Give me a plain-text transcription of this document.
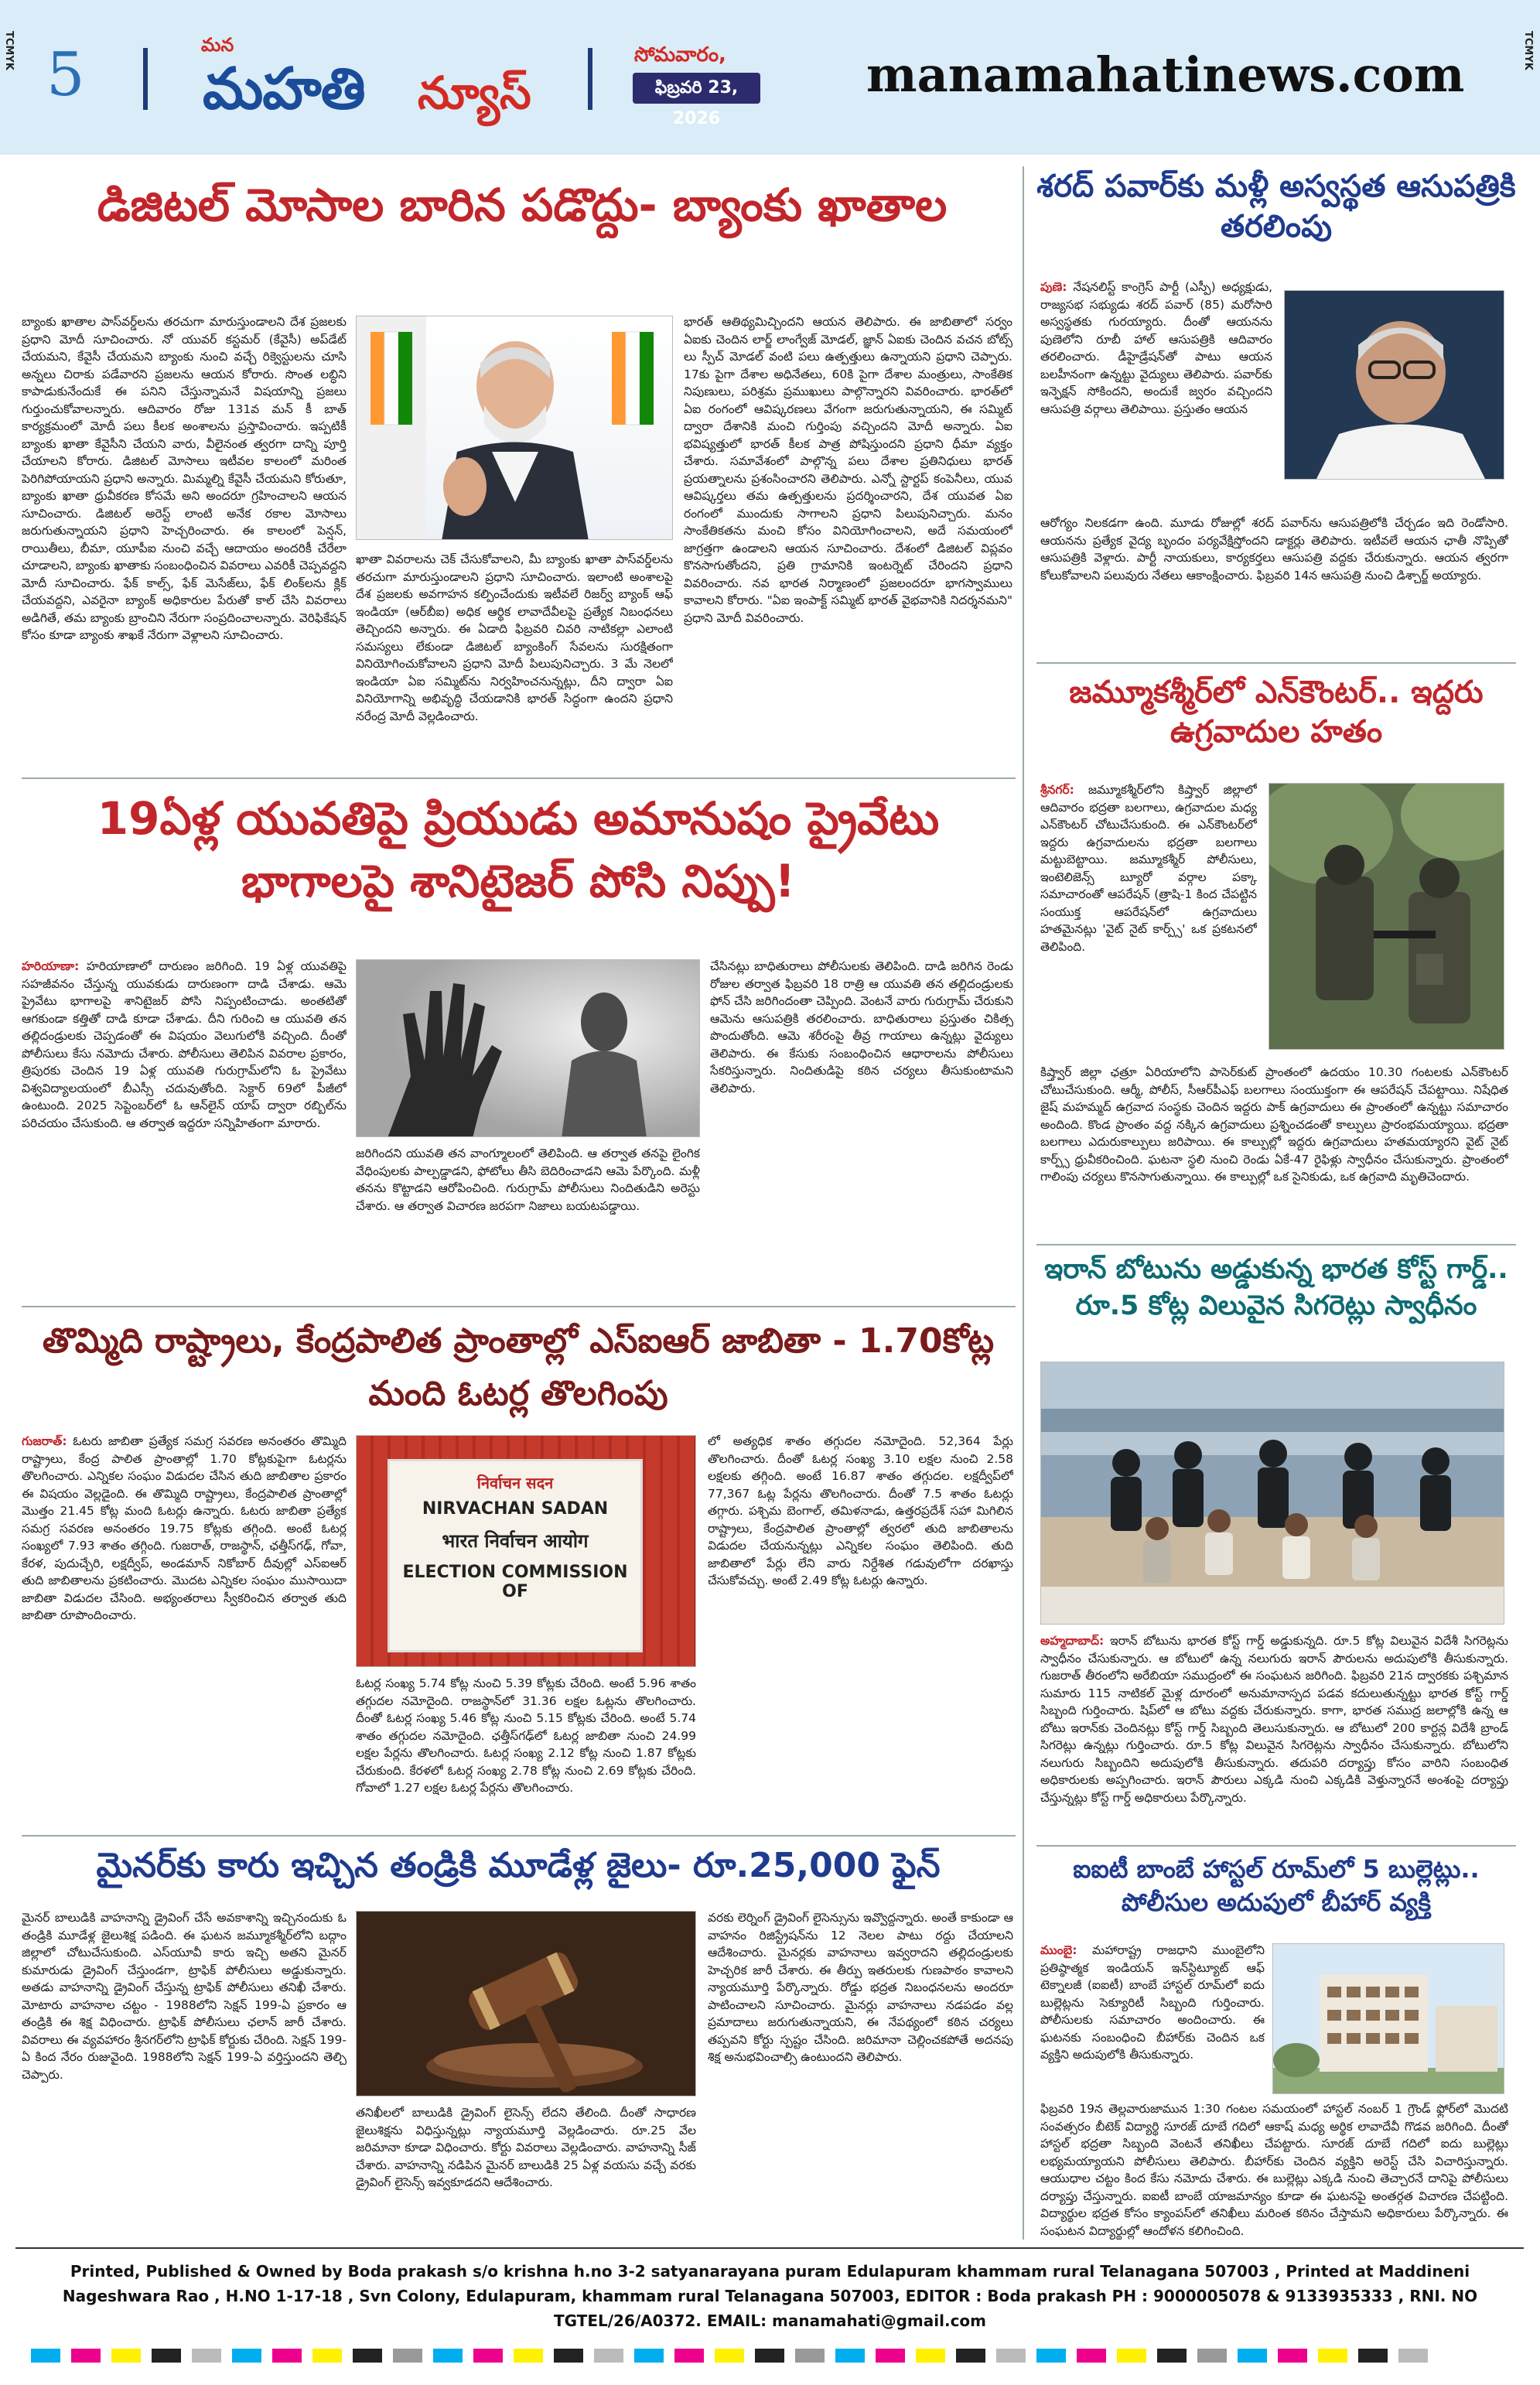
TCMYK	TCMYK
5	మన
మహతి న్యూస్
సోమవారం,
ఫిబ్రవరి 23, 2026
manamahatinews.com
డిజిటల్ మోసాల బారిన పడొద్దు- బ్యాంకు ఖాతాల
బ్యాంకు ఖాతాల పాస్‌వర్డ్‌లను తరచుగా మారుస్తుండాలని దేశ ప్రజలకు ప్రధాని మోదీ సూచించారు. నో యువర్ కస్టమర్ (కేవైసీ) అప్‌డేట్ చేయమని, కేవైసీ చేయమని బ్యాంకు నుంచి వచ్చే రిక్వెస్టులను చూసి అన్నలు చిరాకు పడేవారని ప్రజలను ఆయన కోరారు. సొంత లబ్ధిని కాపాడుకునేందుకే ఈ పనిని చేస్తున్నామనే విషయాన్ని ప్రజలు గుర్తుంచుకోవాలన్నారు. ఆదివారం రోజు 131వ మన్ కీ బాత్ కార్యక్రమంలో మోదీ పలు కీలక అంశాలను ప్రస్తావించారు. ఇప్పటికీ బ్యాంకు ఖాతా కేవైసీని చేయని వారు, వీలైనంత త్వరగా దాన్ని పూర్తి చేయాలని కోరారు. డిజిటల్ మోసాలు ఇటీవల కాలంలో మరింత పెరిగిపోయాయని ప్రధాని అన్నారు. మిమ్మల్ని కేవైసీ చేయమని కోరుతూ, బ్యాంకు ఖాతా ధ్రువీకరణ కోసమే అని అందరూ గ్రహించాలని ఆయన సూచించారు. డిజిటల్ అరెస్ట్ లాంటి అనేక రకాల మోసాలు జరుగుతున్నాయని ప్రధాని హెచ్చరించారు. ఈ కాలంలో పెన్షన్, రాయితీలు, బీమా, యూపీఐ నుంచి వచ్చే ఆదాయం అందరికీ చేరేలా చూడాలని, బ్యాంకు ఖాతాకు సంబంధించిన వివరాలు ఎవరికీ చెప్పవద్దని మోదీ సూచించారు. ఫేక్ కాల్స్, ఫేక్ మెసేజ్‌లు, ఫేక్ లింక్‌లను క్లిక్ చేయవద్దని, ఎవరైనా బ్యాంక్ అధికారుల పేరుతో కాల్ చేసి వివరాలు అడిగితే, తమ బ్యాంకు బ్రాంచిని నేరుగా సంప్రదించాలన్నారు. వెరిఫికేషన్ కోసం కూడా బ్యాంకు శాఖకే నేరుగా వెళ్లాలని సూచించారు.
ఖాతా వివరాలను చెక్ చేసుకోవాలని, మీ బ్యాంకు ఖాతా పాస్‌వర్డ్‌లను తరచుగా మారుస్తుండాలని ప్రధాని సూచించారు. ఇలాంటి అంశాలపై దేశ ప్రజలకు అవగాహన కల్పించేందుకు ఇటీవలే రిజర్వ్ బ్యాంక్ ఆఫ్ ఇండియా (ఆర్‌బీఐ) అధిక ఆర్థిక లావాదేవీలపై ప్రత్యేక నిబంధనలు తెచ్చిందని అన్నారు. ఈ ఏడాది ఫిబ్రవరి చివరి నాటికల్లా ఎలాంటి సమస్యలు లేకుండా డిజిటల్ బ్యాంకింగ్ సేవలను సురక్షితంగా వినియోగించుకోవాలని ప్రధాని మోదీ పిలుపునిచ్చారు. 3 మే నెలలో ఇండియా ఏఐ సమ్మిట్‌ను నిర్వహించనున్నట్లు, దీని ద్వారా ఏఐ వినియోగాన్ని అభివృద్ధి చేయడానికి భారత్ సిద్ధంగా ఉందని ప్రధాని నరేంద్ర మోదీ వెల్లడించారు.
భారత్ ఆతిథ్యమిచ్చిందని ఆయన తెలిపారు. ఈ జాబితాలో సర్వం ఏఐకు చెందిన లార్జ్ లాంగ్వేజ్ మోడల్, జ్ఞాన్ ఏఐకు చెందిన వచన బోట్స్ లు స్పీచ్ మోడల్ వంటి పలు ఉత్పత్తులు ఉన్నాయని ప్రధాని చెప్పారు. 17కు పైగా దేశాల అధినేతలు, 60కి పైగా దేశాల మంత్రులు, సాంకేతిక నిపుణులు, పరిశ్రమ ప్రముఖులు పాల్గొన్నారని వివరించారు. భారత్‌లో ఏఐ రంగంలో ఆవిష్కరణలు వేగంగా జరుగుతున్నాయని, ఈ సమ్మిట్ ద్వారా దేశానికి మంచి గుర్తింపు వచ్చిందని మోదీ అన్నారు. ఏఐ భవిష్యత్తులో భారత్ కీలక పాత్ర పోషిస్తుందని ప్రధాని ధీమా వ్యక్తం చేశారు. సమావేశంలో పాల్గొన్న పలు దేశాల ప్రతినిధులు భారత్ ప్రయత్నాలను ప్రశంసించారని తెలిపారు. ఎన్నో స్టార్టప్ కంపెనీలు, యువ ఆవిష్కర్తలు తమ ఉత్పత్తులను ప్రదర్శించారని, దేశ యువత ఏఐ రంగంలో ముందుకు సాగాలని ప్రధాని పిలుపునిచ్చారు. మనం సాంకేతికతను మంచి కోసం వినియోగించాలని, అదే సమయంలో జాగ్రత్తగా ఉండాలని ఆయన సూచించారు. దేశంలో డిజిటల్ విప్లవం కొనసాగుతోందని, ప్రతి గ్రామానికి ఇంటర్నెట్ చేరిందని ప్రధాని వివరించారు. నవ భారత నిర్మాణంలో ప్రజలందరూ భాగస్వాములు కావాలని కోరారు. "ఏఐ ఇంపాక్ట్ సమ్మిట్ భారత్ వైభవానికి నిదర్శనమని" ప్రధాని మోదీ వివరించారు.
శరద్ పవార్‌కు మళ్లీ అస్వస్థత ఆసుపత్రికి తరలింపు
పుణె: నేషనలిస్ట్ కాంగ్రెస్ పార్టీ (ఎస్పీ) అధ్యక్షుడు, రాజ్యసభ సభ్యుడు శరద్ పవార్ (85) మరోసారి అస్వస్థతకు గురయ్యారు. దీంతో ఆయనను పుణెలోని రూబీ హాల్ ఆసుపత్రికి ఆదివారం తరలించారు. డీహైడ్రేషన్‌తో పాటు ఆయన బలహీనంగా ఉన్నట్టు వైద్యులు తెలిపారు. పవార్‌కు ఇన్ఫెక్షన్ సోకిందని, అందుకే జ్వరం వచ్చిందని ఆసుపత్రి వర్గాలు తెలిపాయి. ప్రస్తుతం ఆయన
ఆరోగ్యం నిలకడగా ఉంది. మూడు రోజుల్లో శరద్ పవార్‌ను ఆసుపత్రిలోకి చేర్చడం ఇది రెండోసారి. ఆయనను ప్రత్యేక వైద్య బృందం పర్యవేక్షిస్తోందని డాక్టర్లు తెలిపారు. ఇటీవలే ఆయన ఛాతీ నొప్పితో ఆసుపత్రికి వెళ్లారు. పార్టీ నాయకులు, కార్యకర్తలు ఆసుపత్రి వద్దకు చేరుకున్నారు. ఆయన త్వరగా కోలుకోవాలని పలువురు నేతలు ఆకాంక్షించారు. ఫిబ్రవరి 14న ఆసుపత్రి నుంచి డిశ్చార్జ్ అయ్యారు.
జమ్మూకశ్మీర్‌లో ఎన్‌కౌంటర్.. ఇద్దరు ఉగ్రవాదుల హతం
శ్రీనగర్: జమ్మూకశ్మీర్‌లోని కిష్త్వార్ జిల్లాలో ఆదివారం భద్రతా బలగాలు, ఉగ్రవాదుల మధ్య ఎన్‌కౌంటర్ చోటుచేసుకుంది. ఈ ఎన్‌కౌంటర్‌లో ఇద్దరు ఉగ్రవాదులను భద్రతా బలగాలు మట్టుబెట్టాయి. జమ్మూకశ్మీర్ పోలీసులు, ఇంటెలిజెన్స్ బ్యూరో వర్గాల పక్కా సమాచారంతో ఆపరేషన్ (త్రాషి-1 కింద చేపట్టిన సంయుక్త ఆపరేషన్‌లో ఉగ్రవాదులు హతమైనట్లు 'వైట్ నైట్ కార్ప్స్' ఒక ప్రకటనలో తెలిపింది.
కిష్త్వార్ జిల్లా ఛత్రూ ఏరియాలోని పాసెర్‌కుట్ ప్రాంతంలో ఉదయం 10.30 గంటలకు ఎన్‌కౌంటర్ చోటుచేసుకుంది. ఆర్మీ, పోలీస్, సీఆర్‌పీఎఫ్ బలగాలు సంయుక్తంగా ఈ ఆపరేషన్ చేపట్టాయి. నిషేధిత జైష్ మహమ్మద్ ఉగ్రవాద సంస్థకు చెందిన ఇద్దరు పాక్ ఉగ్రవాదులు ఈ ప్రాంతంలో ఉన్నట్టు సమాచారం అందింది. కొండ ప్రాంతం వద్ద నక్కిన ఉగ్రవాదులు ప్రశ్నించడంతో కాల్పులు ప్రారంభమయ్యాయి. భద్రతా బలగాలు ఎదురుకాల్పులు జరిపాయి. ఈ కాల్పుల్లో ఇద్దరు ఉగ్రవాదులు హతమయ్యారని వైట్ నైట్ కార్ప్స్ ధ్రువీకరించింది. ఘటనా స్థలి నుంచి రెండు ఏకే-47 రైఫిళ్లు స్వాధీనం చేసుకున్నారు. ప్రాంతంలో గాలింపు చర్యలు కొనసాగుతున్నాయి. ఈ కాల్పుల్లో ఒక సైనికుడు, ఒక ఉగ్రవాది మృతిచెందారు.
ఇరాన్ బోటును అడ్డుకున్న భారత కోస్ట్ గార్డ్.. రూ.5 కోట్ల విలువైన సిగరెట్లు స్వాధీనం
అహ్మదాబాద్: ఇరాన్ బోటును భారత కోస్ట్ గార్డ్ అడ్డుకున్నది. రూ.5 కోట్ల విలువైన విదేశీ సిగరెట్లను స్వాధీనం చేసుకున్నారు. ఆ బోటులో ఉన్న నలుగురు ఇరాన్ పౌరులను అదుపులోకి తీసుకున్నారు. గుజరాత్ తీరంలోని అరేబియా సముద్రంలో ఈ సంఘటన జరిగింది. ఫిబ్రవరి 21న ద్వారకకు పశ్చిమాన సుమారు 115 నాటికల్ మైళ్ల దూరంలో అనుమానాస్పద పడవ కదులుతున్నట్టు భారత కోస్ట్ గార్డ్ సిబ్బంది గుర్తించారు. షిప్‌లో ఆ బోటు వద్దకు చేరుకున్నారు. కాగా, భారత సముద్ర జలాల్లోకి ఉన్న ఆ బోటు ఇరాన్‌కు చెందినట్లు కోస్ట్ గార్డ్ సిబ్బంది తెలుసుకున్నారు. ఆ బోటులో 200 కార్టన్ల విదేశీ బ్రాండ్ సిగరెట్లు ఉన్నట్లు గుర్తించారు. రూ.5 కోట్ల విలువైన సిగరెట్లను స్వాధీనం చేసుకున్నారు. బోటులోని నలుగురు సిబ్బందిని అదుపులోకి తీసుకున్నారు. తదుపరి దర్యాప్తు కోసం వారిని సంబంధిత అధికారులకు అప్పగించారు. ఇరాన్ పౌరులు ఎక్కడి నుంచి ఎక్కడికి వెళ్తున్నారనే అంశంపై దర్యాప్తు చేస్తున్నట్లు కోస్ట్ గార్డ్ అధికారులు పేర్కొన్నారు.
ఐఐటీ బాంబే హాస్టల్ రూమ్‌లో 5 బుల్లెట్లు.. పోలీసుల అదుపులో బీహార్ వ్యక్తి
ముంబై: మహారాష్ట్ర రాజధాని ముంబైలోని ప్రతిష్ఠాత్మక ఇండియన్ ఇన్‌స్టిట్యూట్ ఆఫ్ టెక్నాలజీ (ఐఐటీ) బాంబే హాస్టల్ రూమ్‌లో ఐదు బుల్లెట్లను సెక్యూరిటీ సిబ్బంది గుర్తించారు. పోలీసులకు సమాచారం అందించారు. ఈ ఘటనకు సంబంధించి బీహార్‌కు చెందిన ఒక వ్యక్తిని అదుపులోకి తీసుకున్నారు.
ఫిబ్రవరి 19న తెల్లవారుజామున 1:30 గంటల సమయంలో హాస్టల్ నంబర్ 1 గ్రౌండ్ ఫ్లోర్‌లో మొదటి సంవత్సరం బీటెక్ విద్యార్థి సూరజ్ దూబే గదిలో ఆకాష్ మధ్య అర్థిక లావాదేవీ గొడవ జరిగింది. దీంతో హాస్టల్ భద్రతా సిబ్బంది వెంటనే తనిఖీలు చేపట్టారు. సూరజ్ దూబే గదిలో ఐదు బుల్లెట్లు లభ్యమయ్యాయని పోలీసులు తెలిపారు. బీహార్‌కు చెందిన వ్యక్తిని అరెస్ట్ చేసి విచారిస్తున్నారు. ఆయుధాల చట్టం కింద కేసు నమోదు చేశారు. ఈ బుల్లెట్లు ఎక్కడి నుంచి తెచ్చారనే దానిపై పోలీసులు దర్యాప్తు చేస్తున్నారు. ఐఐటీ బాంబే యాజమాన్యం కూడా ఈ ఘటనపై అంతర్గత విచారణ చేపట్టింది. విద్యార్థుల భద్రత కోసం క్యాంపస్‌లో తనిఖీలు మరింత కఠినం చేస్తామని అధికారులు పేర్కొన్నారు. ఈ సంఘటన విద్యార్థుల్లో ఆందోళన కలిగించింది.
19ఏళ్ల యువతిపై ప్రియుడు అమానుషం ప్రైవేటు భాగాలపై శానిటైజర్ పోసి నిప్పు!
హరియాణా: హరియాణాలో దారుణం జరిగింది. 19 ఏళ్ల యువతిపై సహజీవనం చేస్తున్న యువకుడు దారుణంగా దాడి చేశాడు. ఆమె ప్రైవేటు భాగాలపై శానిటైజర్ పోసి నిప్పంటించాడు. అంతటితో ఆగకుండా కత్తితో దాడి కూడా చేశాడు. దీని గురించి ఆ యువతి తన తల్లిదండ్రులకు చెప్పడంతో ఈ విషయం వెలుగులోకి వచ్చింది. దీంతో పోలీసులు కేసు నమోదు చేశారు. పోలీసులు తెలిపిన వివరాల ప్రకారం, త్రిపురకు చెందిన 19 ఏళ్ల యువతి గురుగ్రామ్‌లోని ఓ ప్రైవేటు విశ్వవిద్యాలయంలో బీఎస్సీ చదువుతోంది. సెక్టార్ 69లో పీజీలో ఉంటుంది. 2025 సెప్టెంబర్‌లో ఓ ఆన్‌లైన్ యాప్ ద్వారా రబ్బిల్‌ను పరిచయం చేసుకుంది. ఆ తర్వాత ఇద్దరూ సన్నిహితంగా మారారు.
జరిగిందని యువతి తన వాంగ్మూలంలో తెలిపింది. ఆ తర్వాత తనపై లైంగిక వేధింపులకు పాల్పడ్డాడని, ఫోటోలు తీసి బెదిరించాడని ఆమె పేర్కొంది. మళ్లీ తనను కొట్టాడని ఆరోపించింది. గురుగ్రామ్ పోలీసులు నిందితుడిని అరెస్టు చేశారు. ఆ తర్వాత విచారణ జరపగా నిజాలు బయటపడ్డాయి.
చేసినట్లు బాధితురాలు పోలీసులకు తెలిపింది. దాడి జరిగిన రెండు రోజుల తర్వాత ఫిబ్రవరి 18 రాత్రి ఆ యువతి తన తల్లిదండ్రులకు ఫోన్ చేసి జరిగిందంతా చెప్పింది. వెంటనే వారు గురుగ్రామ్ చేరుకుని ఆమెను ఆసుపత్రికి తరలించారు. బాధితురాలు ప్రస్తుతం చికిత్స పొందుతోంది. ఆమె శరీరంపై తీవ్ర గాయాలు ఉన్నట్లు వైద్యులు తెలిపారు. ఈ కేసుకు సంబంధించిన ఆధారాలను పోలీసులు సేకరిస్తున్నారు. నిందితుడిపై కఠిన చర్యలు తీసుకుంటామని తెలిపారు.
తొమ్మిది రాష్ట్రాలు, కేంద్రపాలిత ప్రాంతాల్లో ఎస్ఐఆర్ జాబితా - 1.70కోట్ల మంది ఓటర్ల తొలగింపు
గుజరాత్: ఓటరు జాబితా ప్రత్యేక సమగ్ర సవరణ అనంతరం తొమ్మిది రాష్ట్రాలు, కేంద్ర పాలిత ప్రాంతాల్లో 1.70 కోట్లకుపైగా ఓటర్లను తొలగించారు. ఎన్నికల సంఘం విడుదల చేసిన తుది జాబితాల ప్రకారం ఈ విషయం వెల్లడైంది. ఈ తొమ్మిది రాష్ట్రాలు, కేంద్రపాలిత ప్రాంతాల్లో మొత్తం 21.45 కోట్ల మంది ఓటర్లు ఉన్నారు. ఓటరు జాబితా ప్రత్యేక సమగ్ర సవరణ అనంతరం 19.75 కోట్లకు తగ్గింది. అంటే ఓటర్ల సంఖ్యలో 7.93 శాతం తగ్గింది. గుజరాత్, రాజస్థాన్, ఛత్తీస్‌గఢ్, గోవా, కేరళ, పుదుచ్చేరి, లక్షద్వీప్, అండమాన్ నికోబార్ దీవుల్లో ఎస్ఐఆర్ తుది జాబితాలను ప్రకటించారు. మొదట ఎన్నికల సంఘం ముసాయిదా జాబితా విడుదల చేసింది. అభ్యంతరాలు స్వీకరించిన తర్వాత తుది జాబితా రూపొందించారు.
निर्वाचन सदन
NIRVACHAN SADAN
भारत निर्वाचन आयोग
ELECTION COMMISSION OF
ఓటర్ల సంఖ్య 5.74 కోట్ల నుంచి 5.39 కోట్లకు చేరింది. అంటే 5.96 శాతం తగ్గుదల నమోదైంది. రాజస్థాన్‌లో 31.36 లక్షల ఓట్లను తొలగించారు. దీంతో ఓటర్ల సంఖ్య 5.46 కోట్ల నుంచి 5.15 కోట్లకు చేరింది. అంటే 5.74 శాతం తగ్గుదల నమోదైంది. ఛత్తీస్‌గఢ్‌లో ఓటర్ల జాబితా నుంచి 24.99 లక్షల పేర్లను తొలగించారు. ఓటర్ల సంఖ్య 2.12 కోట్ల నుంచి 1.87 కోట్లకు చేరుకుంది. కేరళలో ఓటర్ల సంఖ్య 2.78 కోట్ల నుంచి 2.69 కోట్లకు చేరింది. గోవాలో 1.27 లక్షల ఓటర్ల పేర్లను తొలగించారు.
లో అత్యధిక శాతం తగ్గుదల నమోదైంది. 52,364 పేర్లు తొలగించారు. దీంతో ఓటర్ల సంఖ్య 3.10 లక్షల నుంచి 2.58 లక్షలకు తగ్గింది. అంటే 16.87 శాతం తగ్గుదల. లక్షద్వీప్‌లో 77,367 ఓట్ల పేర్లను తొలగించారు. దీంతో 7.5 శాతం ఓటర్లు తగ్గారు. పశ్చిమ బెంగాల్, తమిళనాడు, ఉత్తరప్రదేశ్ సహా మిగిలిన రాష్ట్రాలు, కేంద్రపాలిత ప్రాంతాల్లో త్వరలో తుది జాబితాలను విడుదల చేయనున్నట్లు ఎన్నికల సంఘం తెలిపింది. తుది జాబితాలో పేర్లు లేని వారు నిర్దేశిత గడువులోగా దరఖాస్తు చేసుకోవచ్చు. అంటే 2.49 కోట్ల ఓటర్లు ఉన్నారు.
మైనర్‌కు కారు ఇచ్చిన తండ్రికి మూడేళ్ల జైలు- రూ.25,000 ఫైన్
మైనర్ బాలుడికి వాహనాన్ని డ్రైవింగ్ చేసే అవకాశాన్ని ఇచ్చినందుకు ఓ తండ్రికి మూడేళ్ల జైలుశిక్ష పడింది. ఈ ఘటన జమ్మూకశ్మీర్‌లోని బద్గాం జిల్లాలో చోటుచేసుకుంది. ఎస్‌యూవీ కారు ఇచ్చి అతని మైనర్ కుమారుడు డ్రైవింగ్ చేస్తుండగా, ట్రాఫిక్ పోలీసులు అడ్డుకున్నారు. అతడు వాహనాన్ని డ్రైవింగ్ చేస్తున్న ట్రాఫిక్ పోలీసులు తనిఖీ చేశారు. మోటారు వాహనాల చట్టం - 1988లోని సెక్షన్ 199-ఏ ప్రకారం ఆ తండ్రికి ఈ శిక్ష విధించారు. ట్రాఫిక్ పోలీసులు ఛలాన్ జారీ చేశారు. వివరాలు ఈ వ్యవహారం శ్రీనగర్‌లోని ట్రాఫిక్ కోర్టుకు చేరింది. సెక్షన్ 199-ఏ కింద నేరం రుజువైంది. 1988లోని సెక్షన్ 199-ఏ వర్తిస్తుందని తెల్చి చెప్పారు.
తనిఖీలలో బాలుడికి డ్రైవింగ్ లైసెన్స్ లేదని తేలింది. దీంతో సాధారణ జైలుశిక్షను విధిస్తున్నట్లు న్యాయమూర్తి వెల్లడించారు. రూ.25 వేల జరిమానా కూడా విధించారు. కోర్టు వివరాలు వెల్లడించారు. వాహనాన్ని సీజ్ చేశారు. వాహనాన్ని నడిపిన మైనర్ బాలుడికి 25 ఏళ్ల వయసు వచ్చే వరకు డ్రైవింగ్ లైసెన్స్ ఇవ్వకూడదని ఆదేశించారు.
వరకు లెర్నింగ్ డ్రైవింగ్ లైసెన్సును ఇవ్వొద్దన్నారు. అంతే కాకుండా ఆ వాహనం రిజిస్ట్రేషన్‌ను 12 నెలల పాటు రద్దు చేయాలని ఆదేశించారు. మైనర్లకు వాహనాలు ఇవ్వరాదని తల్లిదండ్రులకు హెచ్చరిక జారీ చేశారు. ఈ తీర్పు ఇతరులకు గుణపాఠం కావాలని న్యాయమూర్తి పేర్కొన్నారు. రోడ్డు భద్రత నిబంధనలను అందరూ పాటించాలని సూచించారు. మైనర్లు వాహనాలు నడపడం వల్ల ప్రమాదాలు జరుగుతున్నాయని, ఈ నేపథ్యంలో కఠిన చర్యలు తప్పవని కోర్టు స్పష్టం చేసింది. జరిమానా చెల్లించకపోతే అదనపు శిక్ష అనుభవించాల్సి ఉంటుందని తెలిపారు.
Printed, Published & Owned by Boda prakash s/o krishna h.no 3-2 satyanarayana puram Edulapuram khammam rural Telanagana 507003 , Printed at Maddineni Nageshwara Rao , H.NO 1-17-18 , Svn Colony, Edulapuram, khammam rural Telanagana 507003, EDITOR : Boda prakash PH : 9000005078 & 9133935333 , RNI. NO TGTEL/26/A0372. EMAIL: manamahati@gmail.com
